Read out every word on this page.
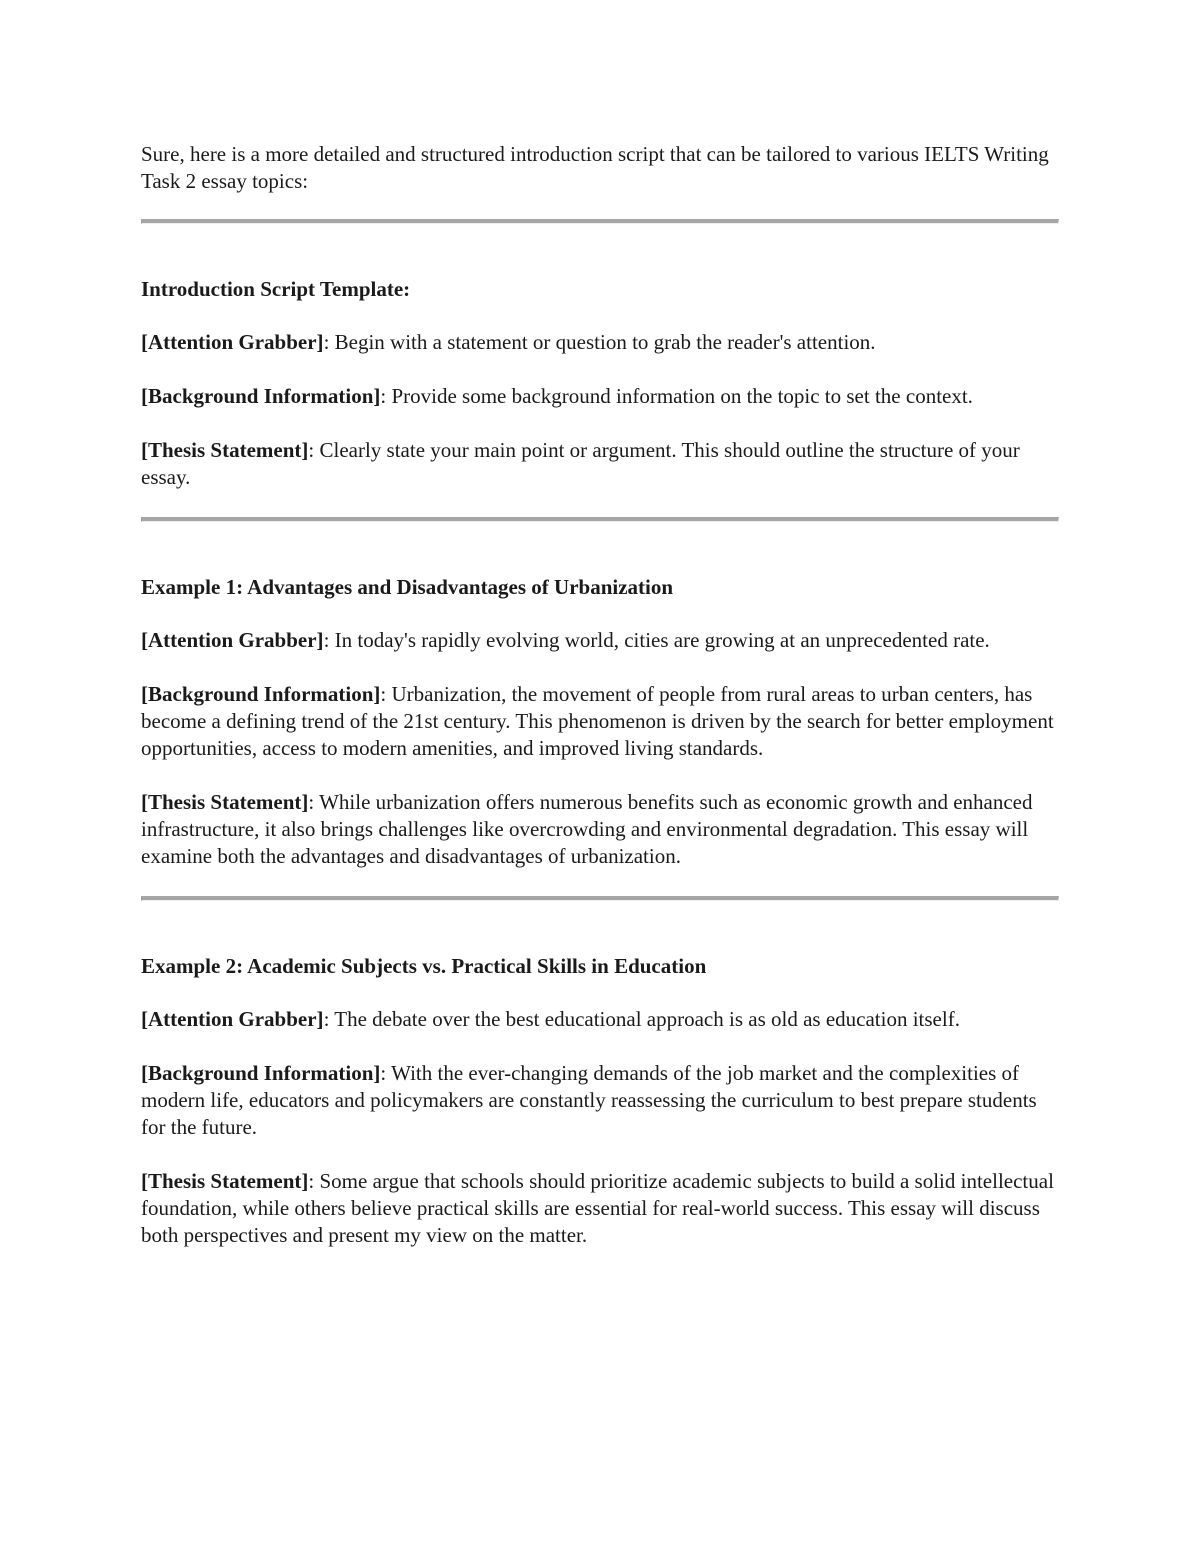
Sure, here is a more detailed and structured introduction script that can be tailored to various IELTS Writing Task 2 essay topics:

Introduction Script Template:

[Attention Grabber]: Begin with a statement or question to grab the reader's attention.

[Background Information]: Provide some background information on the topic to set the context.

[Thesis Statement]: Clearly state your main point or argument. This should outline the structure of your essay.

Example 1: Advantages and Disadvantages of Urbanization

[Attention Grabber]: In today's rapidly evolving world, cities are growing at an unprecedented rate.

[Background Information]: Urbanization, the movement of people from rural areas to urban centers, has become a defining trend of the 21st century. This phenomenon is driven by the search for better employment opportunities, access to modern amenities, and improved living standards.

[Thesis Statement]: While urbanization offers numerous benefits such as economic growth and enhanced infrastructure, it also brings challenges like overcrowding and environmental degradation. This essay will examine both the advantages and disadvantages of urbanization.

Example 2: Academic Subjects vs. Practical Skills in Education

[Attention Grabber]: The debate over the best educational approach is as old as education itself.

[Background Information]: With the ever-changing demands of the job market and the complexities of modern life, educators and policymakers are constantly reassessing the curriculum to best prepare students for the future.

[Thesis Statement]: Some argue that schools should prioritize academic subjects to build a solid intellectual foundation, while others believe practical skills are essential for real-world success. This essay will discuss both perspectives and present my view on the matter.
